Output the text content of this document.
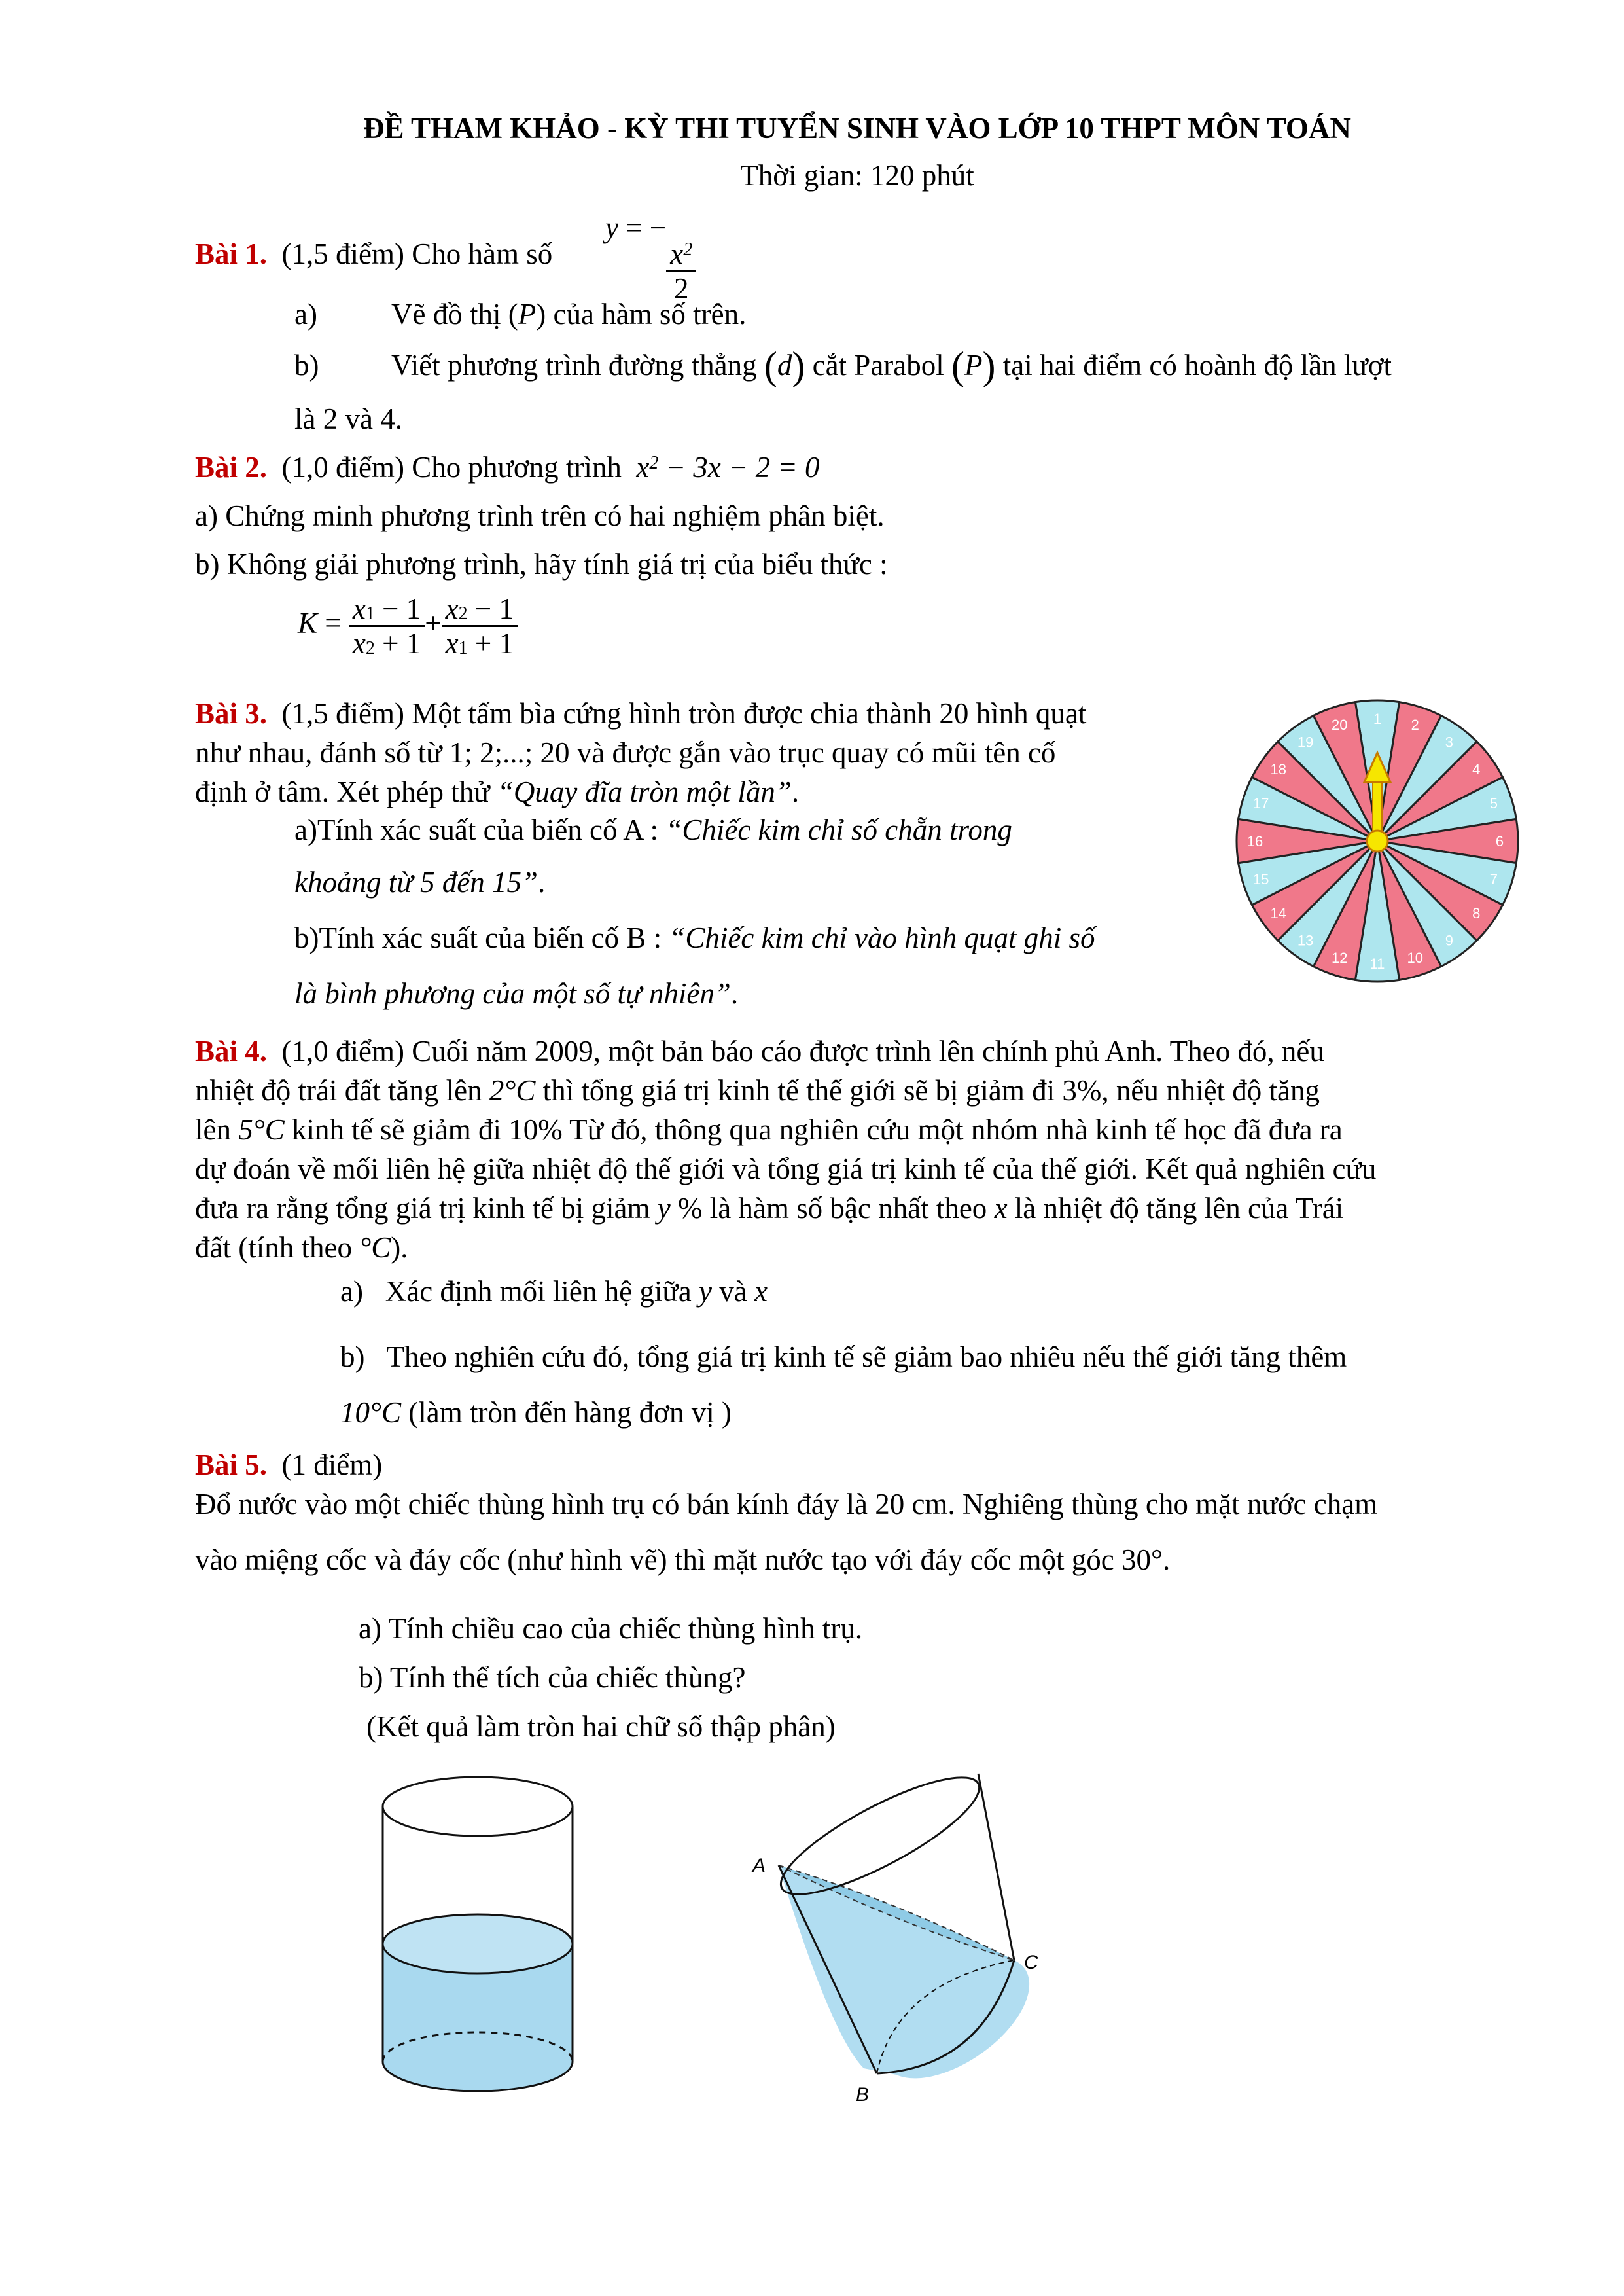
ĐỀ THAM KHẢO - KỲ THI TUYỂN SINH VÀO LỚP 10 THPT MÔN TOÁN
Thời gian: 120 phút
Bài 1. (1,5 điểm) Cho hàm số
y = −
$\frac{x^2}{2}$
a)	Vẽ đồ thị (P) của hàm số trên.
b) Viết phương trình đường thẳng (d) cắt Parabol (P) tại hai điểm có hoành độ lần lượt
là 2 và 4.
Bài 2. (1,0 điểm) Cho phương trình $x^2 - 3x - 2 = 0$
a) Chứng minh phương trình trên có hai nghiệm phân biệt.
b) Không giải phương trình, hãy tính giá trị của biểu thức :
$K = \frac{x_1 - 1}{x_2 + 1} + \frac{x_2 - 1}{x_1 + 1}$
Bài 3. (1,5 điểm) Một tấm bìa cứng hình tròn được chia thành 20 hình quạt
như nhau, đánh số từ 1; 2;...; 20 và được gắn vào trục quay có mũi tên cố
định ở tâm. Xét phép thử “Quay đĩa tròn một lần”.
a)Tính xác suất của biến cố A : “Chiếc kim chỉ số chẵn trong
khoảng từ 5 đến 15”.
b)Tính xác suất của biến cố B : “Chiếc kim chỉ vào hình quạt ghi số
là bình phương của một số tự nhiên”.
1 2
3
4
5
6
7
8
9
10
11
12
13
14
15
16
17
18
19
20
Bài 4. (1,0 điểm) Cuối năm 2009, một bản báo cáo được trình lên chính phủ Anh. Theo đó, nếu
nhiệt độ trái đất tăng lên 2°C thì tổng giá trị kinh tế thế giới sẽ bị giảm đi 3%, nếu nhiệt độ tăng
lên 5°C kinh tế sẽ giảm đi 10% Từ đó, thông qua nghiên cứu một nhóm nhà kinh tế học đã đưa ra
dự đoán về mối liên hệ giữa nhiệt độ thế giới và tổng giá trị kinh tế của thế giới. Kết quả nghiên cứu
đưa ra rằng tổng giá trị kinh tế bị giảm y % là hàm số bậc nhất theo x là nhiệt độ tăng lên của Trái
đất (tính theo °C).
a) Xác định mối liên hệ giữa y và x
b) Theo nghiên cứu đó, tổng giá trị kinh tế sẽ giảm bao nhiêu nếu thế giới tăng thêm
10°C (làm tròn đến hàng đơn vị )
Bài 5. (1 điểm)
Đổ nước vào một chiếc thùng hình trụ có bán kính đáy là 20 cm. Nghiêng thùng cho mặt nước chạm
vào miệng cốc và đáy cốc (như hình vẽ) thì mặt nước tạo với đáy cốc một góc 30°.
a) Tính chiều cao của chiếc thùng hình trụ.
b) Tính thể tích của chiếc thùng?
(Kết quả làm tròn hai chữ số thập phân)
A
C
B
